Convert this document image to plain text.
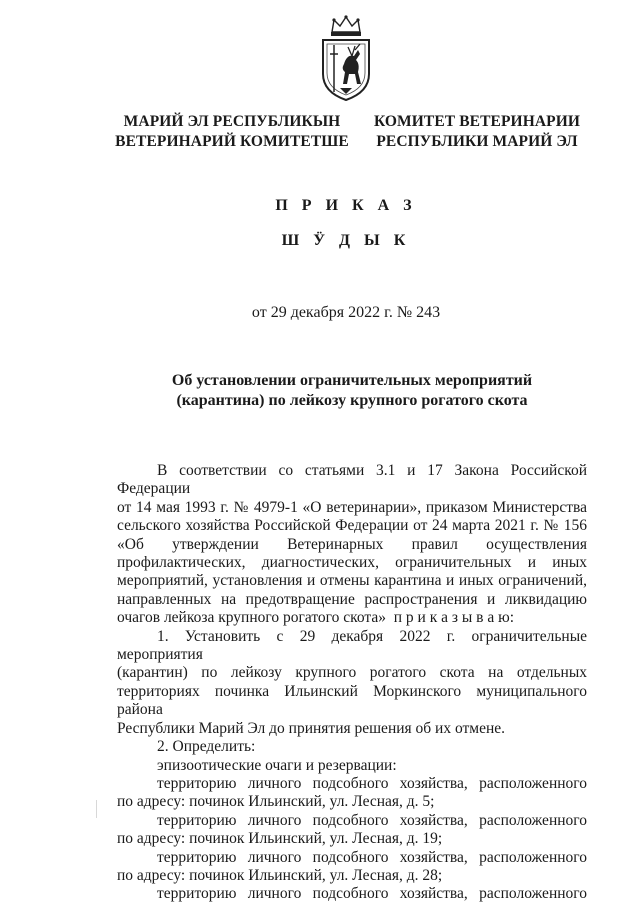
МАРИЙ ЭЛ РЕСПУБЛИКЫН
ВЕТЕРИНАРИЙ КОМИТЕТШЕ
КОМИТЕТ ВЕТЕРИНАРИИ
РЕСПУБЛИКИ МАРИЙ ЭЛ
П Р И К А З
Ш Ӱ Д Ы К
от 29 декабря 2022 г. № 243
Об установлении ограничительных мероприятий
(карантина) по лейкозу крупного рогатого скота
В соответствии со статьями 3.1 и 17 Закона Российской Федерации
от 14 мая 1993 г. № 4979-1 «О ветеринарии», приказом Министерства
сельского хозяйства Российской Федерации от 24 марта 2021 г. № 156
«Об утверждении Ветеринарных правил осуществления
профилактических, диагностических, ограничительных и иных
мероприятий, установления и отмены карантина и иных ограничений,
направленных на предотвращение распространения и ликвидацию
очагов лейкоза крупного рогатого скота» п р и к а з ы в а ю:
1. Установить с 29 декабря 2022 г. ограничительные мероприятия
(карантин) по лейкозу крупного рогатого скота на отдельных
территориях починка Ильинский Моркинского муниципального района
Республики Марий Эл до принятия решения об их отмене.
2. Определить:
эпизоотические очаги и резервации:
территорию личного подсобного хозяйства, расположенного
по адресу: починок Ильинский, ул. Лесная, д. 5;
территорию личного подсобного хозяйства, расположенного
по адресу: починок Ильинский, ул. Лесная, д. 19;
территорию личного подсобного хозяйства, расположенного
по адресу: починок Ильинский, ул. Лесная, д. 28;
территорию личного подсобного хозяйства, расположенного
